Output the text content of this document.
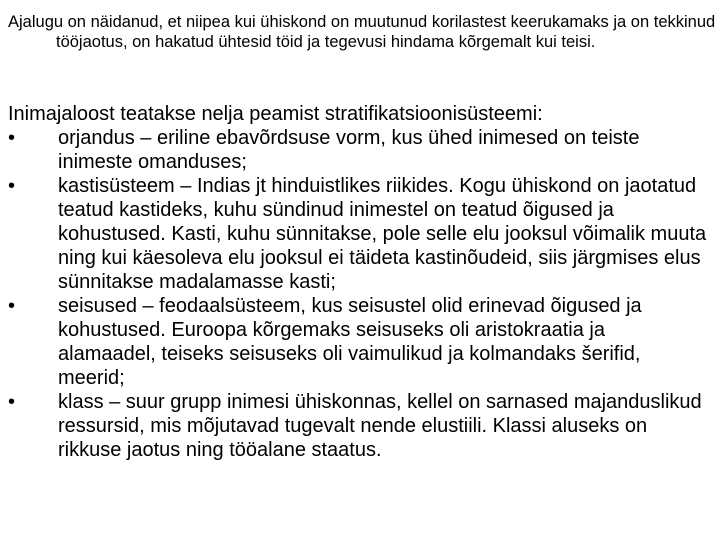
Ajalugu on näidanud, et niipea kui ühiskond on muutunud korilastest keerukamaks ja on tekkinud tööjaotus, on hakatud ühtesid töid ja tegevusi hindama kõrgemalt kui teisi.
Inimajaloost teatakse nelja peamist stratifikatsioonisüsteemi:
•	orjandus – eriline ebavõrdsuse vorm, kus ühed inimesed on teiste inimeste omanduses;
•	kastisüsteem – Indias jt hinduistlikes riikides. Kogu ühiskond on jaotatud teatud kastideks, kuhu sündinud inimestel on teatud õigused ja kohustused. Kasti, kuhu sünnitakse, pole selle elu jooksul võimalik muuta ning kui käesoleva elu jooksul ei täideta kastinõudeid, siis järgmises elus sünnitakse madalamasse kasti;
•	seisused – feodaalsüsteem, kus seisustel olid erinevad õigused ja kohustused. Euroopa kõrgemaks seisuseks oli aristokraatia ja alamaadel, teiseks seisuseks oli vaimulikud ja kolmandaks šerifid, meerid;
•	klass – suur grupp inimesi ühiskonnas, kellel on sarnased majanduslikud ressursid, mis mõjutavad tugevalt nende elustiili. Klassi aluseks on rikkuse jaotus ning tööalane staatus.
